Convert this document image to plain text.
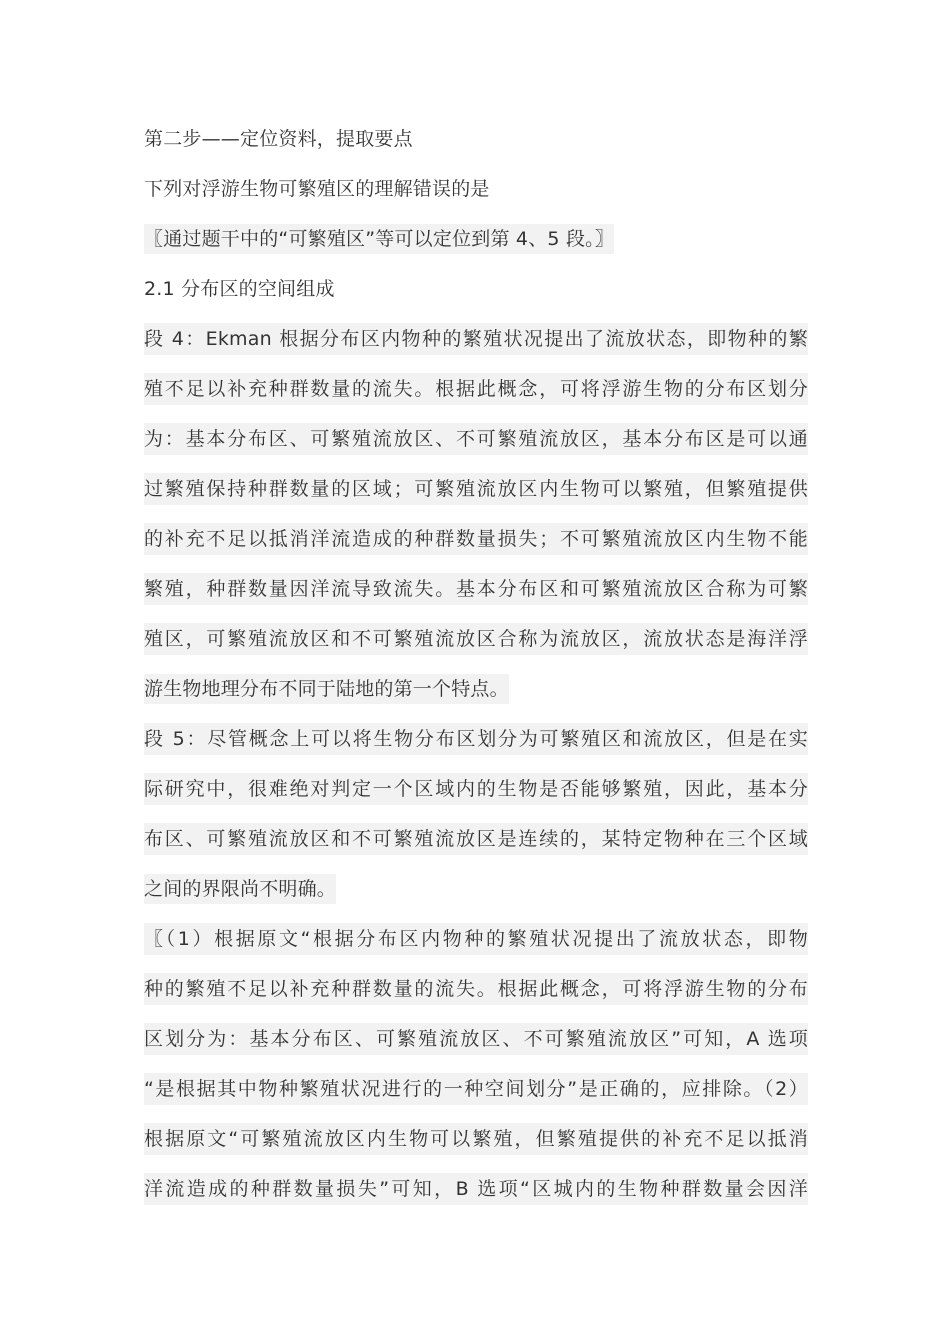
第二步——定位资料，提取要点
下列对浮游生物可繁殖区的理解错误的是
〖通过题干中的“可繁殖区”等可以定位到第 4、5 段。〗
2.1 分布区的空间组成
段 4：Ekman 根据分布区内物种的繁殖状况提出了流放状态，即物种的繁
殖不足以补充种群数量的流失。根据此概念，可将浮游生物的分布区划分
为：基本分布区、可繁殖流放区、不可繁殖流放区，基本分布区是可以通
过繁殖保持种群数量的区域；可繁殖流放区内生物可以繁殖，但繁殖提供
的补充不足以抵消洋流造成的种群数量损失；不可繁殖流放区内生物不能
繁殖，种群数量因洋流导致流失。基本分布区和可繁殖流放区合称为可繁
殖区，可繁殖流放区和不可繁殖流放区合称为流放区，流放状态是海洋浮
游生物地理分布不同于陆地的第一个特点。
段 5：尽管概念上可以将生物分布区划分为可繁殖区和流放区，但是在实
际研究中，很难绝对判定一个区域内的生物是否能够繁殖，因此，基本分
布区、可繁殖流放区和不可繁殖流放区是连续的，某特定物种在三个区域
之间的界限尚不明确。
〖（1）根据原文“根据分布区内物种的繁殖状况提出了流放状态，即物
种的繁殖不足以补充种群数量的流失。根据此概念，可将浮游生物的分布
区划分为：基本分布区、可繁殖流放区、不可繁殖流放区”可知，A 选项
“是根据其中物种繁殖状况进行的一种空间划分”是正确的，应排除。（2）
根据原文“可繁殖流放区内生物可以繁殖，但繁殖提供的补充不足以抵消
洋流造成的种群数量损失”可知，B 选项“区城内的生物种群数量会因洋
